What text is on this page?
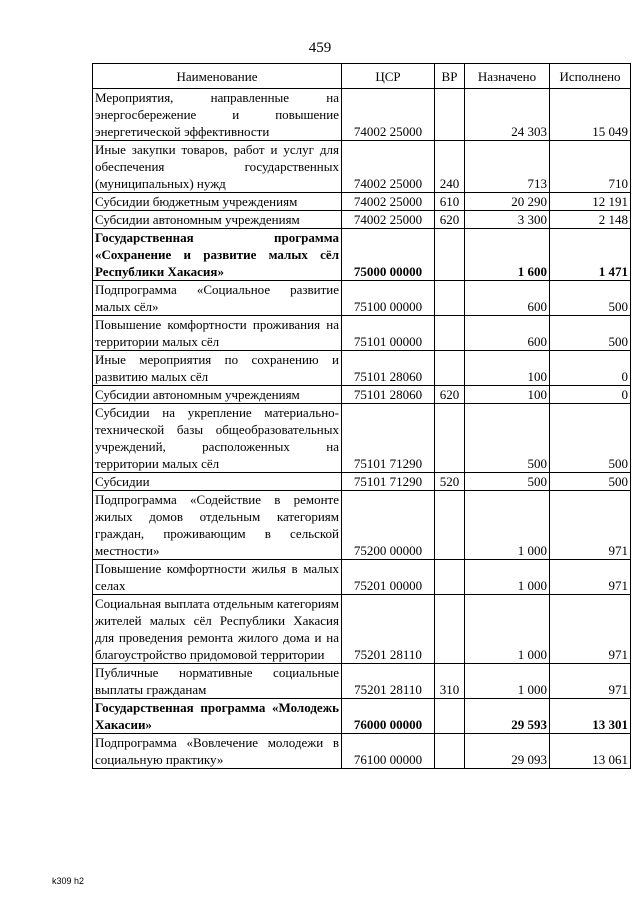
459
Наименование	ЦСР	ВР	Назначено	Исполнено
Мероприятия, направленные на энергосбережение и повышение энергетической эффективности	74002 25000		24 303	15 049
Иные закупки товаров, работ и услуг для обеспечения государственных (муниципальных) нужд	74002 25000	240	713	710
Субсидии бюджетным учреждениям	74002 25000	610	20 290	12 191
Субсидии автономным учреждениям	74002 25000	620	3 300	2 148
Государственная программа «Сохранение и развитие малых сёл Республики Хакасия»	75000 00000		1 600	1 471
Подпрограмма «Социальное развитие малых сёл»	75100 00000		600	500
Повышение комфортности проживания на территории малых сёл	75101 00000		600	500
Иные мероприятия по сохранению и развитию малых сёл	75101 28060		100	0
Субсидии автономным учреждениям	75101 28060	620	100	0
Субсидии на укрепление материально-технической базы общеобразовательных учреждений, расположенных на территории малых сёл	75101 71290		500	500
Субсидии	75101 71290	520	500	500
Подпрограмма «Содействие в ремонте жилых домов отдельным категориям граждан, проживающим в сельской местности»	75200 00000		1 000	971
Повышение комфортности жилья в малых селах	75201 00000		1 000	971
Социальная выплата отдельным категориям жителей малых сёл Республики Хакасия для проведения ремонта жилого дома и на благоустройство придомовой территории	75201 28110		1 000	971
Публичные нормативные социальные выплаты гражданам	75201 28110	310	1 000	971
Государственная программа «Молодежь Хакасии»	76000 00000		29 593	13 301
Подпрограмма «Вовлечение молодежи в социальную практику»	76100 00000		29 093	13 061
k309 h2
